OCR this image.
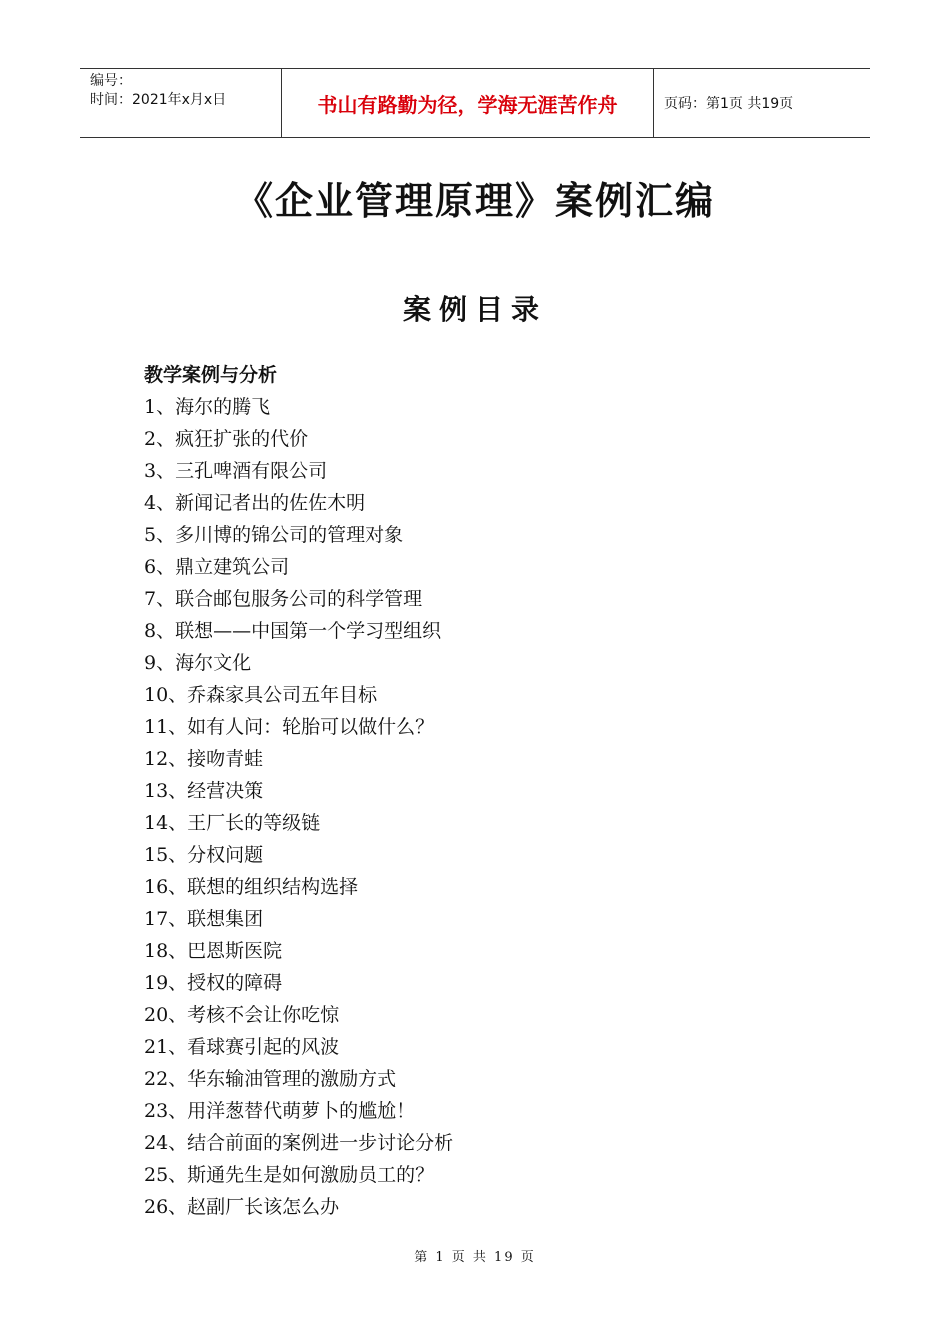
编号：
时间：2021年x月x日	书山有路勤为径，学海无涯苦作舟	页码：第1页 共19页
《企业管理原理》案例汇编
案例目录
教学案例与分析
1、海尔的腾飞
2、疯狂扩张的代价
3、三孔啤酒有限公司
4、新闻记者出的佐佐木明
5、多川博的锦公司的管理对象
6、鼎立建筑公司
7、联合邮包服务公司的科学管理
8、联想——中国第一个学习型组织
9、海尔文化
10、乔森家具公司五年目标
11、如有人问：轮胎可以做什么？
12、接吻青蛙
13、经营决策
14、王厂长的等级链
15、分权问题
16、联想的组织结构选择
17、联想集团
18、巴恩斯医院
19、授权的障碍
20、考核不会让你吃惊
21、看球赛引起的风波
22、华东输油管理的激励方式
23、用洋葱替代萌萝卜的尴尬！
24、结合前面的案例进一步讨论分析
25、斯通先生是如何激励员工的？
26、赵副厂长该怎么办
第 1 页 共 19 页
